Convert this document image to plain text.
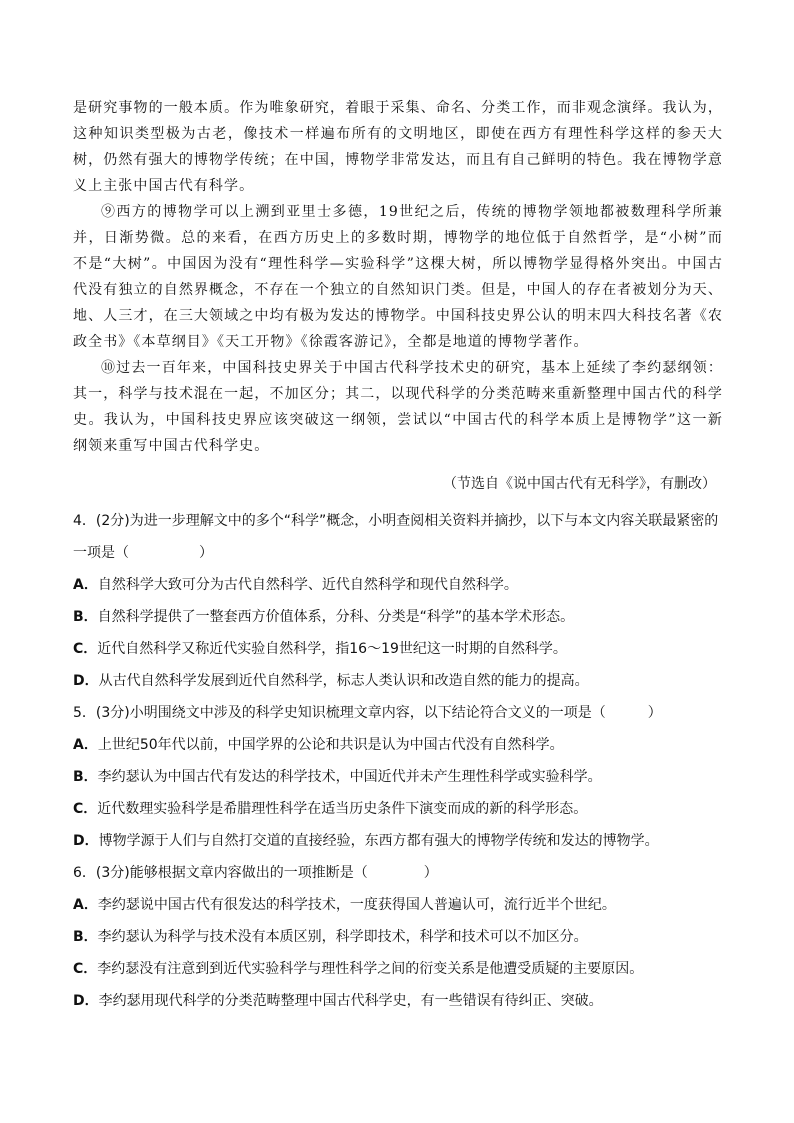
是研究事物的一般本质。作为唯象研究，着眼于采集、命名、分类工作，而非观念演绎。我认为，这种知识类型极为古老，像技术一样遍布所有的文明地区，即使在西方有理性科学这样的参天大树，仍然有强大的博物学传统；在中国，博物学非常发达，而且有自己鲜明的特色。我在博物学意义上主张中国古代有科学。

⑨西方的博物学可以上溯到亚里士多德，19世纪之后，传统的博物学领地都被数理科学所兼并，日渐势微。总的来看，在西方历史上的多数时期，博物学的地位低于自然哲学，是“小树”而不是“大树”。中国因为没有“理性科学—实验科学”这棵大树，所以博物学显得格外突出。中国古代没有独立的自然界概念，不存在一个独立的自然知识门类。但是，中国人的存在者被划分为天、地、人三才，在三大领域之中均有极为发达的博物学。中国科技史界公认的明末四大科技名著《农政全书》《本草纲目》《天工开物》《徐霞客游记》，全都是地道的博物学著作。

⑩过去一百年来，中国科技史界关于中国古代科学技术史的研究，基本上延续了李约瑟纲领：其一，科学与技术混在一起，不加区分；其二，以现代科学的分类范畴来重新整理中国古代的科学史。我认为，中国科技史界应该突破这一纲领，尝试以“中国古代的科学本质上是博物学”这一新纲领来重写中国古代科学史。

（节选自《说中国古代有无科学》，有删改）

4．(2分)为进一步理解文中的多个“科学”概念，小明查阅相关资料并摘抄，以下与本文内容关联最紧密的一项是（　　　　　）

A．自然科学大致可分为古代自然科学、近代自然科学和现代自然科学。

B．自然科学提供了一整套西方价值体系，分科、分类是“科学”的基本学术形态。

C．近代自然科学又称近代实验自然科学，指16～19世纪这一时期的自然科学。

D．从古代自然科学发展到近代自然科学，标志人类认识和改造自然的能力的提高。

5．(3分)小明围绕文中涉及的科学史知识梳理文章内容，以下结论符合文义的一项是（　　　）

A．上世纪50年代以前，中国学界的公论和共识是认为中国古代没有自然科学。

B．李约瑟认为中国古代有发达的科学技术，中国近代并未产生理性科学或实验科学。

C．近代数理实验科学是希腊理性科学在适当历史条件下演变而成的新的科学形态。

D．博物学源于人们与自然打交道的直接经验，东西方都有强大的博物学传统和发达的博物学。

6．(3分)能够根据文章内容做出的一项推断是（　　　　）

A．李约瑟说中国古代有很发达的科学技术，一度获得国人普遍认可，流行近半个世纪。

B．李约瑟认为科学与技术没有本质区别，科学即技术，科学和技术可以不加区分。

C．李约瑟没有注意到到近代实验科学与理性科学之间的衍变关系是他遭受质疑的主要原因。

D．李约瑟用现代科学的分类范畴整理中国古代科学史，有一些错误有待纠正、突破。
